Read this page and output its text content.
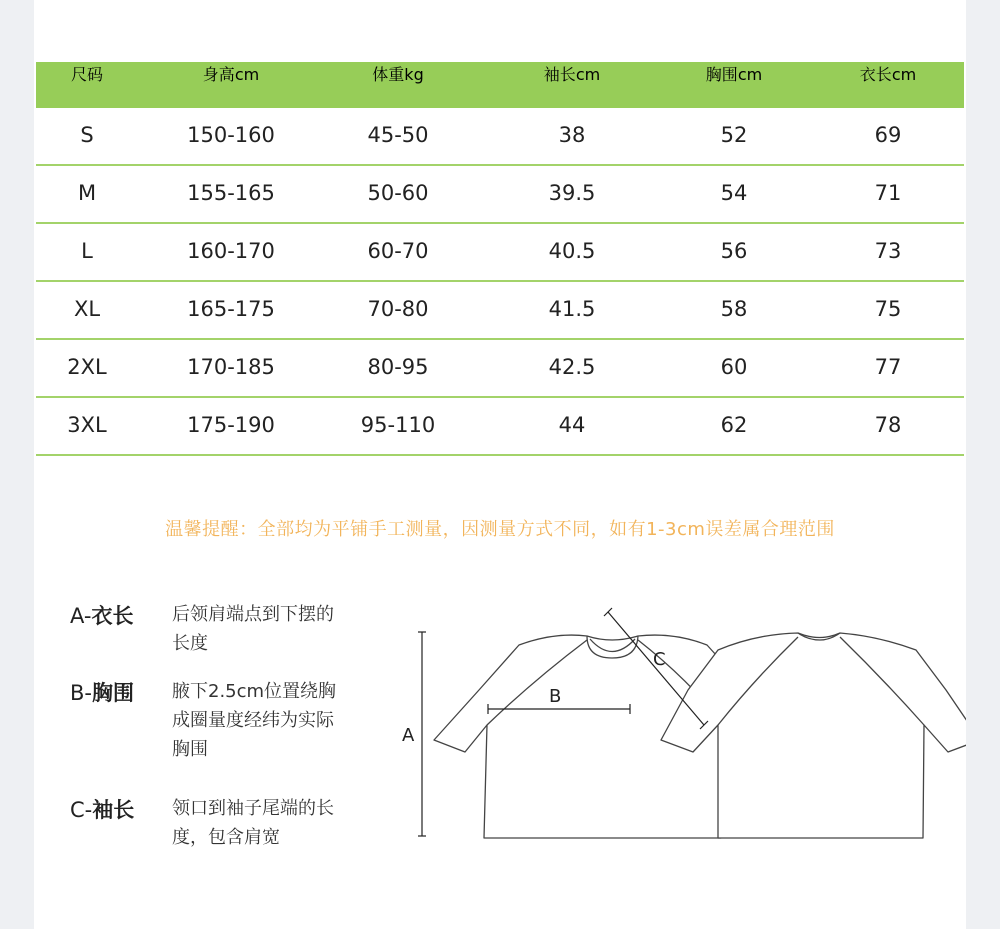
尺码	身高cm	体重kg	袖长cm	胸围cm	衣长cm
S	150-160	45-50	38	52	69
M	155-165	50-60	39.5	54	71
L	160-170	60-70	40.5	56	73
XL	165-175	70-80	41.5	58	75
2XL	170-185	80-95	42.5	60	77
3XL	175-190	95-110	44	62	78
温馨提醒：全部均为平铺手工测量，因测量方式不同，如有1-3cm误差属合理范围
A-衣长 后领肩端点到下摆的
长度
B-胸围 腋下2.5cm位置绕胸
成圈量度经纬为实际
胸围
C-袖长 领口到袖子尾端的长
度，包含肩宽
A
B
C
